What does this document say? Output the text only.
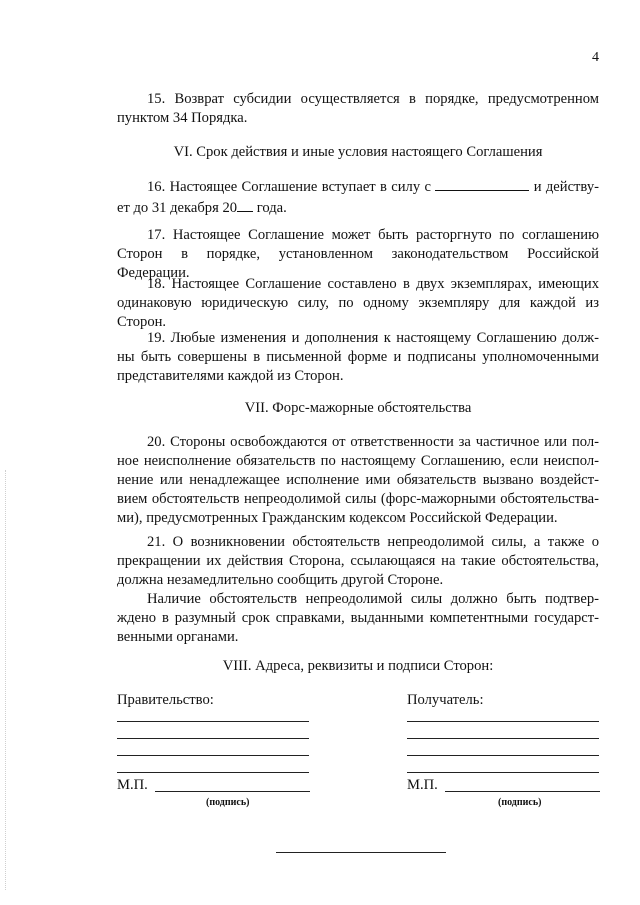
4

15. Возврат субсидии осуществляется в порядке, предусмотренном пунктом 34 Порядка.

VI. Срок действия и иные условия настоящего Соглашения

16. Настоящее Соглашение вступает в силу с	и действу-ет до 31 декабря 20 года.

17. Настоящее Соглашение может быть расторгнуто по соглашению Сторон в порядке, установленном законодательством Российской Федерации.

18. Настоящее Соглашение составлено в двух экземплярах, имеющих одинаковую юридическую силу, по одному экземпляру для каждой из Сторон.

19. Любые изменения и дополнения к настоящему Соглашению долж-ны быть совершены в письменной форме и подписаны уполномоченными представителями каждой из Сторон.

VII. Форс-мажорные обстоятельства

20. Стороны освобождаются от ответственности за частичное или пол-ное неисполнение обязательств по настоящему Соглашению, если неиспол-нение или ненадлежащее исполнение ими обязательств вызвано воздейст-вием обстоятельств непреодолимой силы (форс-мажорными обстоятельства-ми), предусмотренных Гражданским кодексом Российской Федерации.

21. О возникновении обстоятельств непреодолимой силы, а также о прекращении их действия Сторона, ссылающаяся на такие обстоятельства, должна незамедлительно сообщить другой Стороне.

Наличие обстоятельств непреодолимой силы должно быть подтвер-ждено в разумный срок справками, выданными компетентными государст-венными органами.

VIII. Адреса, реквизиты и подписи Сторон:

Правительство:
М.П.
(подпись)
Получатель:
М.П.
(подпись)
